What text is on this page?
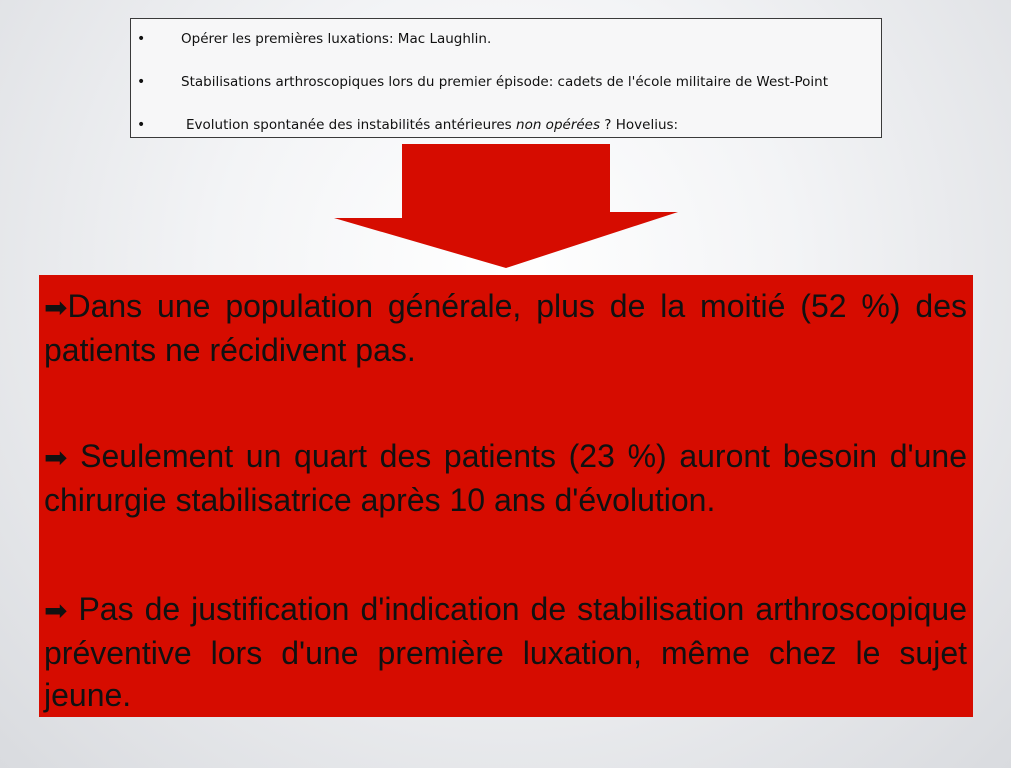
•	Opérer les premières luxations: Mac Laughlin.
•	Stabilisations arthroscopiques lors du premier épisode: cadets de l'école militaire de West-Point
•	Evolution spontanée des instabilités antérieures non opérées ? Hovelius:
➡Dans une population générale, plus de la moitié (52 %) des patients ne récidivent pas.
➡ Seulement un quart des patients (23 %) auront besoin d'une chirurgie stabilisatrice après 10 ans d'évolution.
➡ Pas de justification d'indication de stabilisation arthroscopique préventive lors d'une première luxation, même chez le sujet jeune.
